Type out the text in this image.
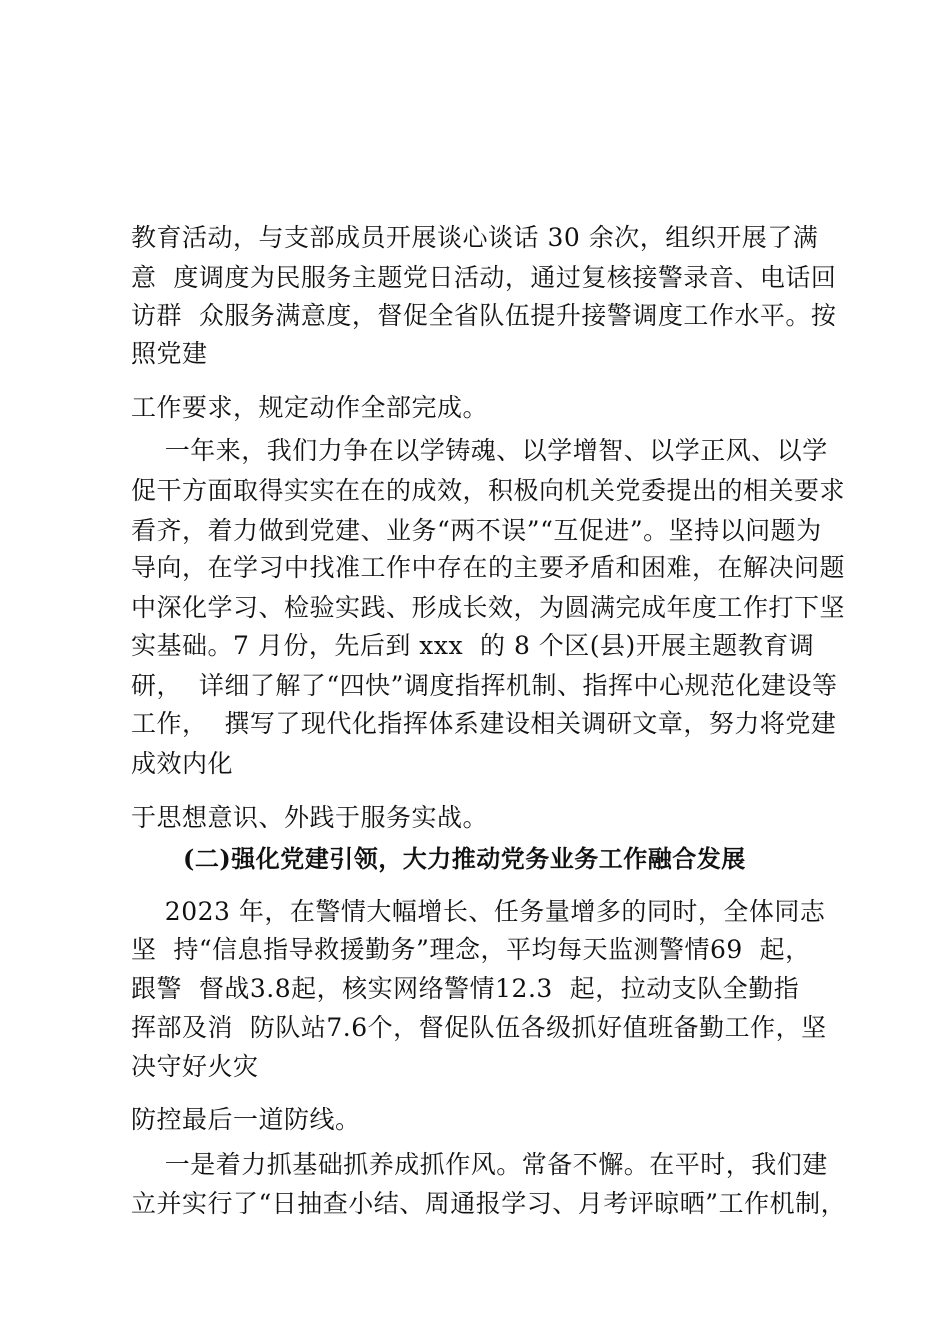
教育活动，与支部成员开展谈心谈话 30 余次，组织开展了满
意  度调度为民服务主题党日活动，通过复核接警录音、电话回
访群  众服务满意度，督促全省队伍提升接警调度工作水平。按
照党建
工作要求，规定动作全部完成。
一年来，我们力争在以学铸魂、以学增智、以学正风、以学
促干方面取得实实在在的成效，积极向机关党委提出的相关要求
看齐，着力做到党建、业务“两不误”“互促进”。坚持以问题为
导向，在学习中找准工作中存在的主要矛盾和困难，在解决问题
中深化学习、检验实践、形成长效，为圆满完成年度工作打下坚
实基础。7 月份，先后到 xxx  的 8 个区(县)开展主题教育调
研，  详细了解了“四快”调度指挥机制、指挥中心规范化建设等
工作，  撰写了现代化指挥体系建设相关调研文章，努力将党建
成效内化
于思想意识、外践于服务实战。
(二)强化党建引领，大力推动党务业务工作融合发展
2023 年，在警情大幅增长、任务量增多的同时，全体同志
坚  持“信息指导救援勤务”理念，平均每天监测警情69  起，
跟警  督战3.8起，核实网络警情12.3  起，拉动支队全勤指
挥部及消  防队站7.6个，督促队伍各级抓好值班备勤工作，坚
决守好火灾
防控最后一道防线。
一是着力抓基础抓养成抓作风。常备不懈。在平时，我们建
立并实行了“日抽查小结、周通报学习、月考评晾晒”工作机制，
